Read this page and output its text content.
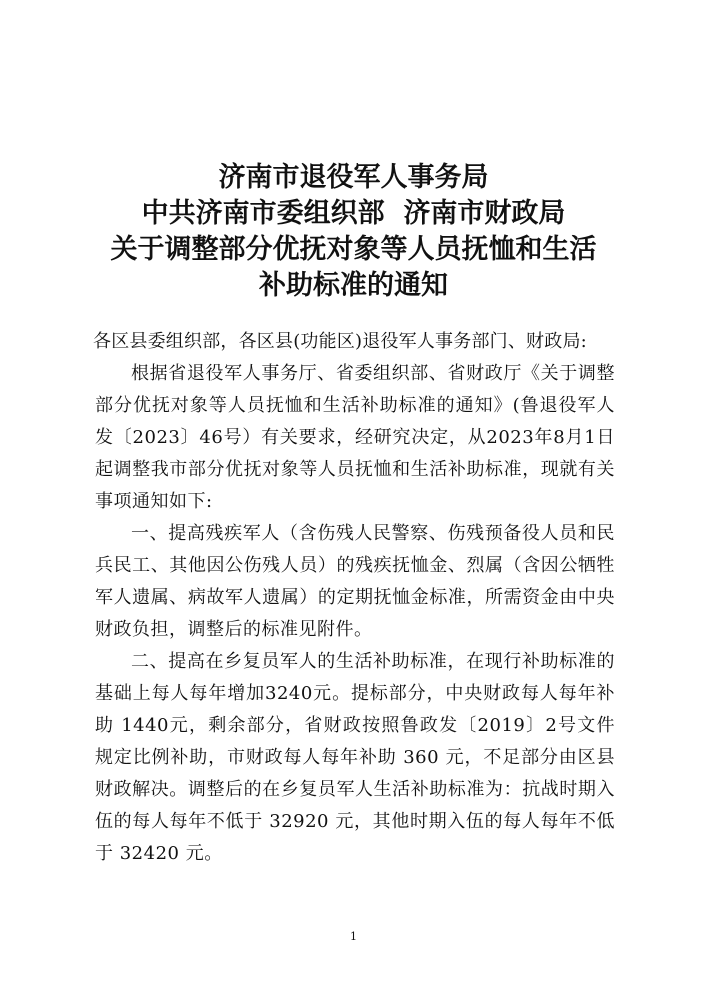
济南市退役军人事务局
中共济南市委组织部  济南市财政局
关于调整部分优抚对象等人员抚恤和生活
补助标准的通知

各区县委组织部，各区县(功能区)退役军人事务部门、财政局:

根据省退役军人事务厅、省委组织部、省财政厅《关于调整部分优抚对象等人员抚恤和生活补助标准的通知》(鲁退役军人发〔2023〕46号）有关要求，经研究决定，从2023年8月1日起调整我市部分优抚对象等人员抚恤和生活补助标准，现就有关事项通知如下:

一、提高残疾军人（含伤残人民警察、伤残预备役人员和民兵民工、其他因公伤残人员）的残疾抚恤金、烈属（含因公牺牲军人遗属、病故军人遗属）的定期抚恤金标准，所需资金由中央财政负担，调整后的标准见附件。

二、提高在乡复员军人的生活补助标准，在现行补助标准的基础上每人每年增加3240元。提标部分，中央财政每人每年补助 1440元，剩余部分，省财政按照鲁政发〔2019〕2号文件规定比例补助，市财政每人每年补助 360 元，不足部分由区县财政解决。调整后的在乡复员军人生活补助标准为：抗战时期入伍的每人每年不低于 32920 元，其他时期入伍的每人每年不低于 32420 元。

1
